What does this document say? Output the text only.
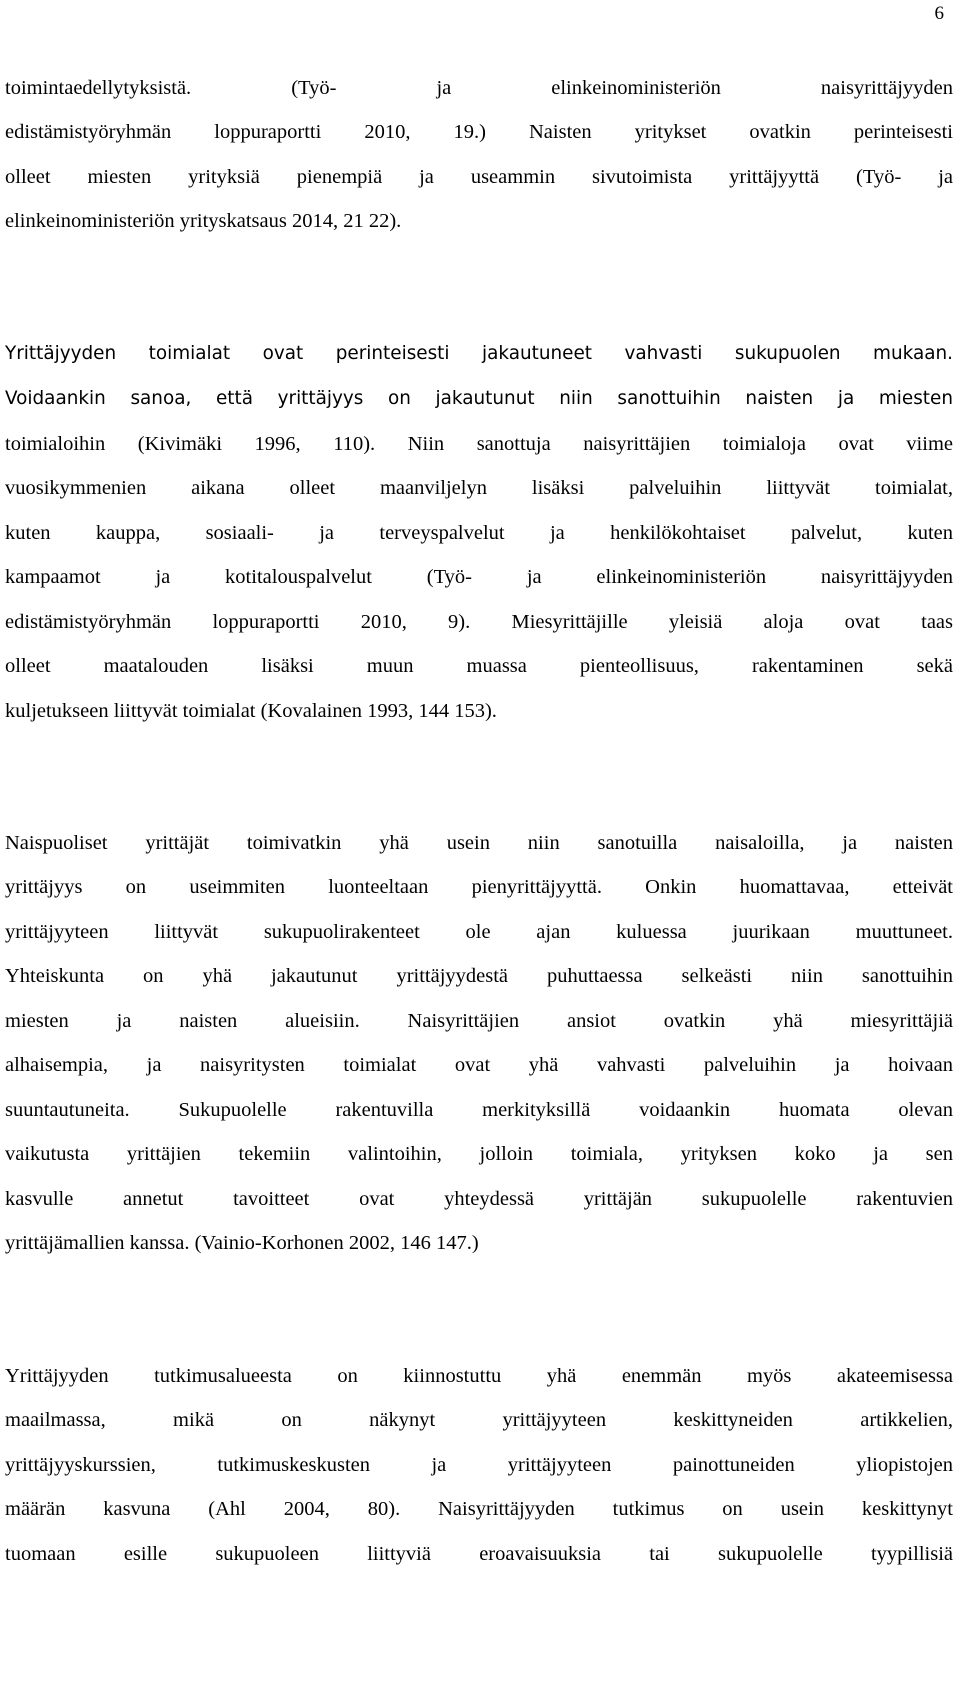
6
toimintaedellytyksistä. (Työ- ja elinkeinoministeriön naisyrittäjyyden
edistämistyöryhmän loppuraportti 2010, 19.) Naisten yritykset ovatkin perinteisesti
olleet miesten yrityksiä pienempiä ja useammin sivutoimista yrittäjyyttä (Työ- ja
elinkeinoministeriön yrityskatsaus 2014, 21 22).
Yrittäjyyden toimialat ovat perinteisesti jakautuneet vahvasti sukupuolen mukaan.
Voidaankin sanoa, että yrittäjyys on jakautunut niin sanottuihin naisten ja miesten
toimialoihin (Kivimäki 1996, 110). Niin sanottuja naisyrittäjien toimialoja ovat viime
vuosikymmenien aikana olleet maanviljelyn lisäksi palveluihin liittyvät toimialat,
kuten kauppa, sosiaali- ja terveyspalvelut ja henkilökohtaiset palvelut, kuten
kampaamot ja kotitalouspalvelut (Työ- ja elinkeinoministeriön naisyrittäjyyden
edistämistyöryhmän loppuraportti 2010, 9). Miesyrittäjille yleisiä aloja ovat taas
olleet maatalouden lisäksi muun muassa pienteollisuus, rakentaminen sekä
kuljetukseen liittyvät toimialat (Kovalainen 1993, 144 153).
Naispuoliset yrittäjät toimivatkin yhä usein niin sanotuilla naisaloilla, ja naisten
yrittäjyys on useimmiten luonteeltaan pienyrittäjyyttä. Onkin huomattavaa, etteivät
yrittäjyyteen liittyvät sukupuolirakenteet ole ajan kuluessa juurikaan muuttuneet.
Yhteiskunta on yhä jakautunut yrittäjyydestä puhuttaessa selkeästi niin sanottuihin
miesten ja naisten alueisiin. Naisyrittäjien ansiot ovatkin yhä miesyrittäjiä
alhaisempia, ja naisyritysten toimialat ovat yhä vahvasti palveluihin ja hoivaan
suuntautuneita. Sukupuolelle rakentuvilla merkityksillä voidaankin huomata olevan
vaikutusta yrittäjien tekemiin valintoihin, jolloin toimiala, yrityksen koko ja sen
kasvulle annetut tavoitteet ovat yhteydessä yrittäjän sukupuolelle rakentuvien
yrittäjämallien kanssa. (Vainio-Korhonen 2002, 146 147.)
Yrittäjyyden tutkimusalueesta on kiinnostuttu yhä enemmän myös akateemisessa
maailmassa, mikä on näkynyt yrittäjyyteen keskittyneiden artikkelien,
yrittäjyyskurssien, tutkimuskeskusten ja yrittäjyyteen painottuneiden yliopistojen
määrän kasvuna (Ahl 2004, 80). Naisyrittäjyyden tutkimus on usein keskittynyt
tuomaan esille sukupuoleen liittyviä eroavaisuuksia tai sukupuolelle tyypillisiä
